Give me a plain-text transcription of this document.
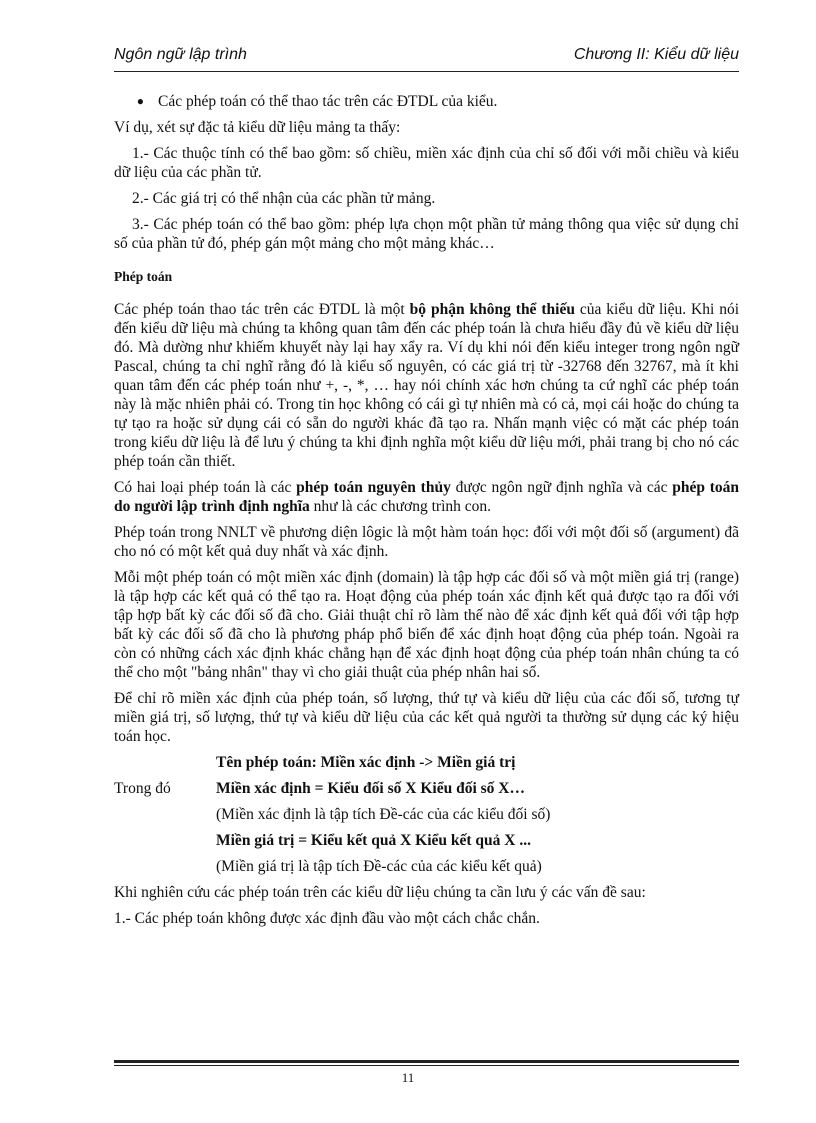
Ngôn ngữ lập trình	Chương II: Kiểu dữ liệu
● Các phép toán có thể thao tác trên các ĐTDL của kiểu.

Ví dụ, xét sự đặc tả kiểu dữ liệu mảng ta thấy:

1.- Các thuộc tính có thể bao gồm: số chiều, miền xác định của chỉ số đối với mỗi chiều và kiểu dữ liệu của các phần tử.

2.- Các giá trị có thể nhận của các phần tử mảng.

3.- Các phép toán có thể bao gồm: phép lựa chọn một phần tử mảng thông qua việc sử dụng chỉ số của phần tử đó, phép gán một mảng cho một mảng khác…

Phép toán

Các phép toán thao tác trên các ĐTDL là một bộ phận không thể thiếu của kiểu dữ liệu. Khi nói đến kiểu dữ liệu mà chúng ta không quan tâm đến các phép toán là chưa hiểu đầy đủ về kiểu dữ liệu đó. Mà dường như khiếm khuyết này lại hay xẩy ra. Ví dụ khi nói đến kiểu integer trong ngôn ngữ Pascal, chúng ta chỉ nghĩ rằng đó là kiểu số nguyên, có các giá trị từ -32768 đến 32767, mà ít khi quan tâm đến các phép toán như +, -, *, … hay nói chính xác hơn chúng ta cứ nghĩ các phép toán này là mặc nhiên phải có. Trong tin học không có cái gì tự nhiên mà có cả, mọi cái hoặc do chúng ta tự tạo ra hoặc sử dụng cái có sẵn do người khác đã tạo ra. Nhấn mạnh việc có mặt các phép toán trong kiểu dữ liệu là để lưu ý chúng ta khi định nghĩa một kiểu dữ liệu mới, phải trang bị cho nó các phép toán cần thiết.

Có hai loại phép toán là các phép toán nguyên thủy được ngôn ngữ định nghĩa và các phép toán do người lập trình định nghĩa như là các chương trình con.

Phép toán trong NNLT về phương diện lôgic là một hàm toán học: đối với một đối số (argument) đã cho nó có một kết quả duy nhất và xác định.

Mỗi một phép toán có một miền xác định (domain) là tập hợp các đối số và một miền giá trị (range) là tập hợp các kết quả có thể tạo ra. Hoạt động của phép toán xác định kết quả được tạo ra đối với tập hợp bất kỳ các đối số đã cho. Giải thuật chỉ rõ làm thế nào để xác định kết quả đối với tập hợp bất kỳ các đối số đã cho là phương pháp phổ biến để xác định hoạt động của phép toán. Ngoài ra còn có những cách xác định khác chẳng hạn để xác định hoạt động của phép toán nhân chúng ta có thể cho một "bảng nhân" thay vì cho giải thuật của phép nhân hai số.

Để chỉ rõ miền xác định của phép toán, số lượng, thứ tự và kiểu dữ liệu của các đối số, tương tự miền giá trị, số lượng, thứ tự và kiểu dữ liệu của các kết quả người ta thường sử dụng các ký hiệu toán học.

Tên phép toán: Miền xác định -> Miền giá trị
Trong đó	Miền xác định = Kiểu đối số X Kiểu đối số X…
(Miền xác định là tập tích Đề-các của các kiểu đối số)
Miền giá trị = Kiểu kết quả X Kiểu kết quả X ...
(Miền giá trị là tập tích Đề-các của các kiểu kết quả)

Khi nghiên cứu các phép toán trên các kiểu dữ liệu chúng ta cần lưu ý các vấn đề sau:

1.- Các phép toán không được xác định đầu vào một cách chắc chắn.

11
